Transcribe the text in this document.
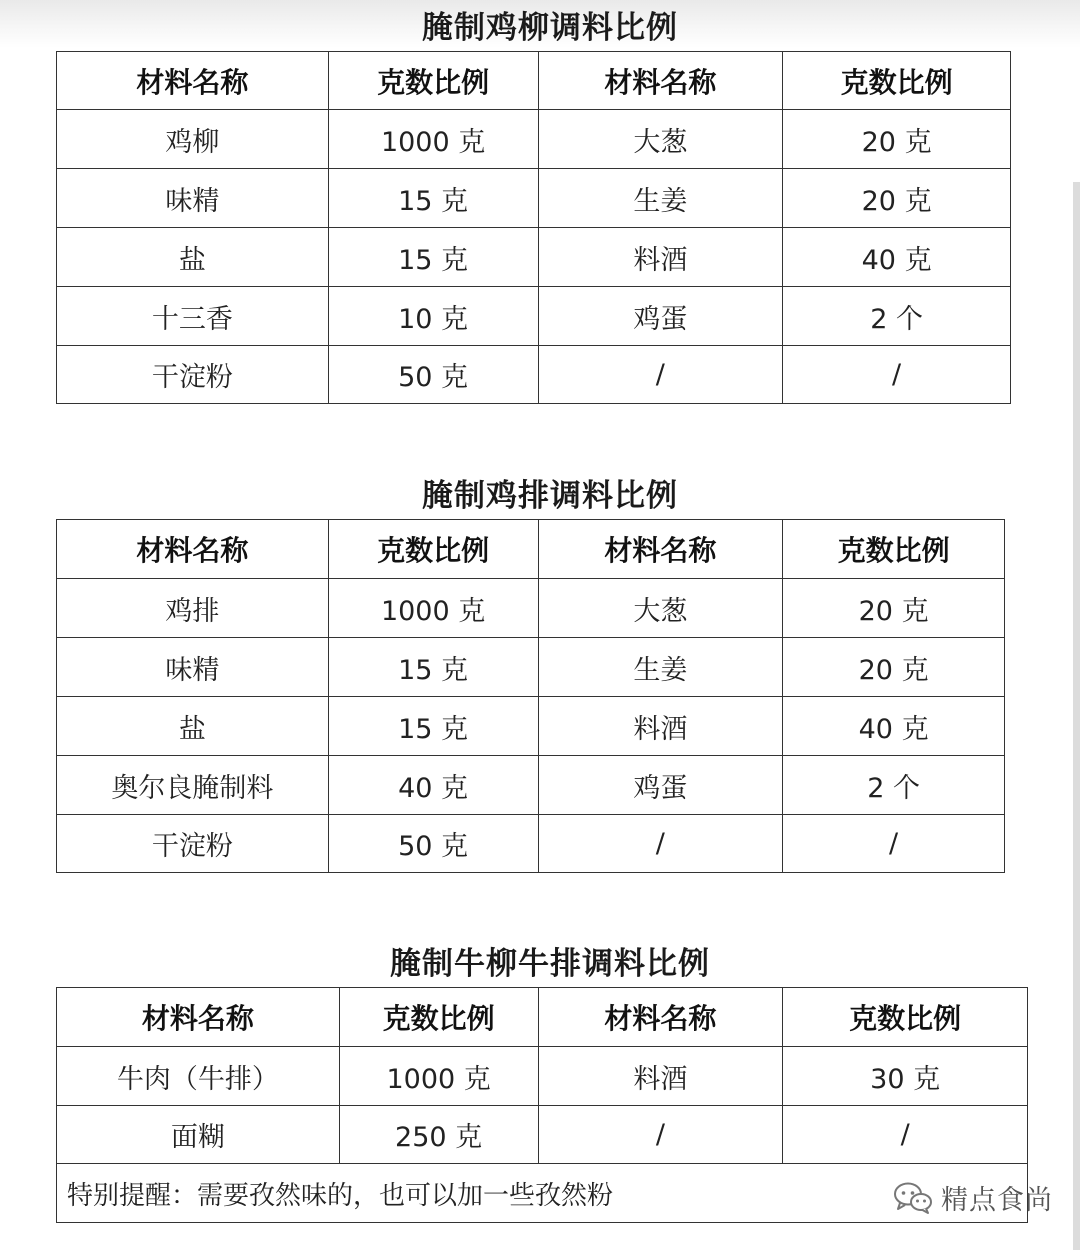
腌制鸡柳调料比例
材料名称	克数比例	材料名称	克数比例
鸡柳	1000 克	大葱	20 克
味精	15 克	生姜	20 克
盐	15 克	料酒	40 克
十三香	10 克	鸡蛋	2 个
干淀粉	50 克	/	/
腌制鸡排调料比例
材料名称	克数比例	材料名称	克数比例
鸡排	1000 克	大葱	20 克
味精	15 克	生姜	20 克
盐	15 克	料酒	40 克
奥尔良腌制料	40 克	鸡蛋	2 个
干淀粉	50 克	/	/
腌制牛柳牛排调料比例
材料名称	克数比例	材料名称	克数比例
牛肉（牛排）	1000 克	料酒	30 克
面糊	250 克	/	/
特别提醒：需要孜然味的，也可以加一些孜然粉				精点食尚
